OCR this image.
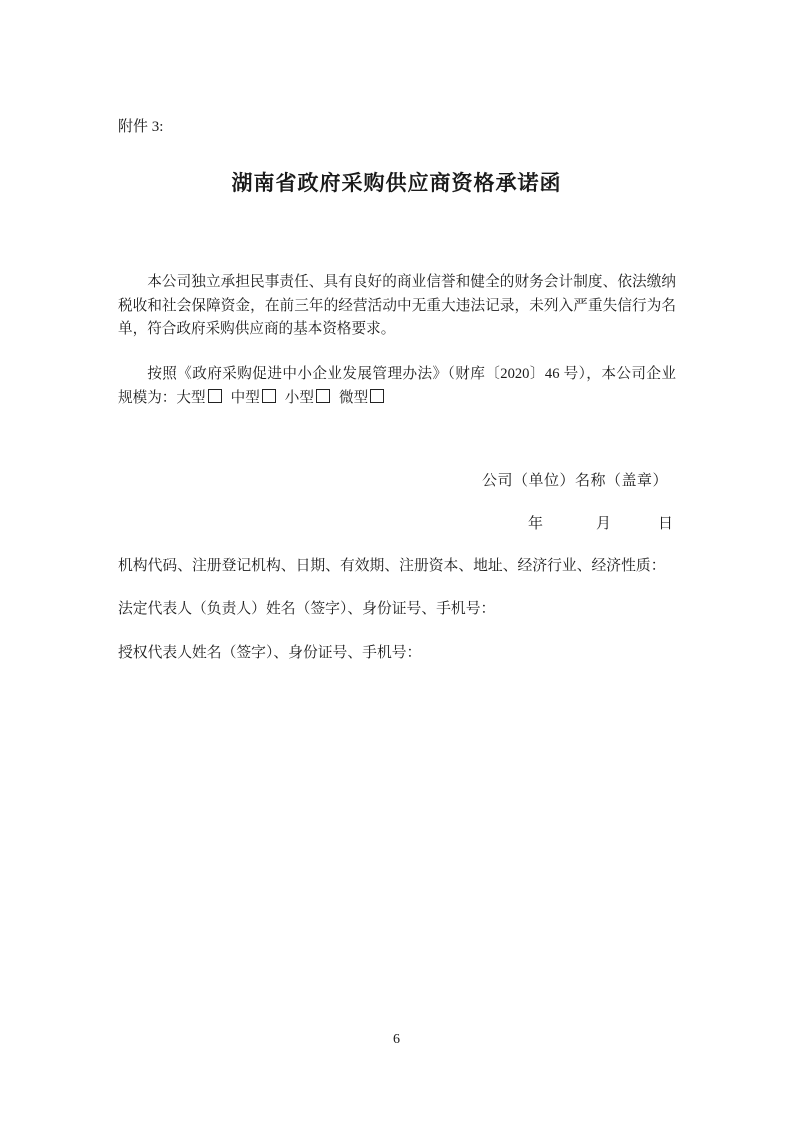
附件 3:
湖南省政府采购供应商资格承诺函

本公司独立承担民事责任、具有良好的商业信誉和健全的财务会计制度、依法缴纳税收和社会保障资金，在前三年的经营活动中无重大违法记录，未列入严重失信行为名单，符合政府采购供应商的基本资格要求。

按照《政府采购促进中小企业发展管理办法》（财库〔2020〕46 号），本公司企业规模为：大型 中型 小型 微型

公司（单位）名称（盖章）
年	月	日

机构代码、注册登记机构、日期、有效期、注册资本、地址、经济行业、经济性质：

法定代表人（负责人）姓名（签字）、身份证号、手机号：

授权代表人姓名（签字）、身份证号、手机号：

6
